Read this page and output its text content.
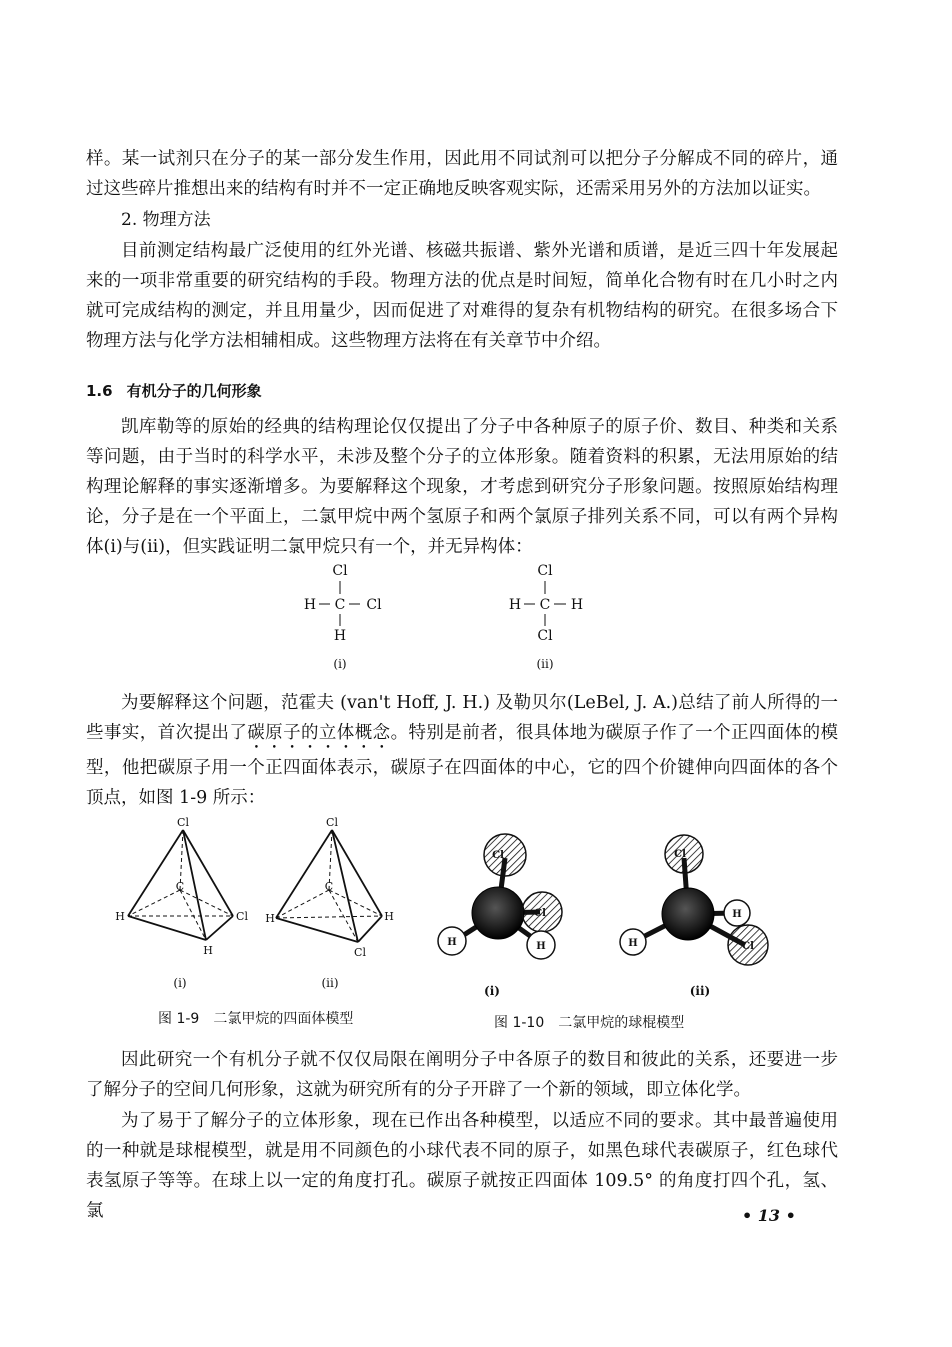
样。某一试剂只在分子的某一部分发生作用，因此用不同试剂可以把分子分解成不同的碎片，通过这些碎片推想出来的结构有时并不一定正确地反映客观实际，还需采用另外的方法加以证实。

2. 物理方法

目前测定结构最广泛使用的红外光谱、核磁共振谱、紫外光谱和质谱，是近三四十年发展起来的一项非常重要的研究结构的手段。物理方法的优点是时间短，简单化合物有时在几小时之内就可完成结构的测定，并且用量少，因而促进了对难得的复杂有机物结构的研究。在很多场合下物理方法与化学方法相辅相成。这些物理方法将在有关章节中介绍。

1.6 有机分子的几何形象

凯库勒等的原始的经典的结构理论仅仅提出了分子中各种原子的原子价、数目、种类和关系等问题，由于当时的科学水平，未涉及整个分子的立体形象。随着资料的积累，无法用原始的结构理论解释的事实逐渐增多。为要解释这个现象，才考虑到研究分子形象问题。按照原始结构理论，分子是在一个平面上，二氯甲烷中两个氢原子和两个氯原子排列关系不同，可以有两个异构体(i)与(ii)，但实践证明二氯甲烷只有一个，并无异构体：

Cl
H C Cl
H
(i)
Cl
H C H
Cl
(ii)

为要解释这个问题，范霍夫 (van't Hoff, J. H.) 及勒贝尔(LeBel, J. A.)总结了前人所得的一些事实，首次提出了碳原子的立体概念。特别是前者，很具体地为碳原子作了一个正四面体的模型，他把碳原子用一个正四面体表示，碳原子在四面体的中心，它的四个价键伸向四面体的各个顶点，如图 1-9 所示：

Cl
C
H	Cl
H
(i)
Cl
C
H	H
Cl
(ii)
Cl
Cl
H	H
(i)
Cl
H
H	Cl
(ii)

图 1-9　二氯甲烷的四面体模型	图 1-10　二氯甲烷的球棍模型

因此研究一个有机分子就不仅仅局限在阐明分子中各原子的数目和彼此的关系，还要进一步了解分子的空间几何形象，这就为研究所有的分子开辟了一个新的领域，即立体化学。

为了易于了解分子的立体形象，现在已作出各种模型，以适应不同的要求。其中最普遍使用的一种就是球棍模型，就是用不同颜色的小球代表不同的原子，如黑色球代表碳原子，红色球代表氢原子等等。在球上以一定的角度打孔。碳原子就按正四面体 109.5° 的角度打四个孔，氢、氯	• 13 •
